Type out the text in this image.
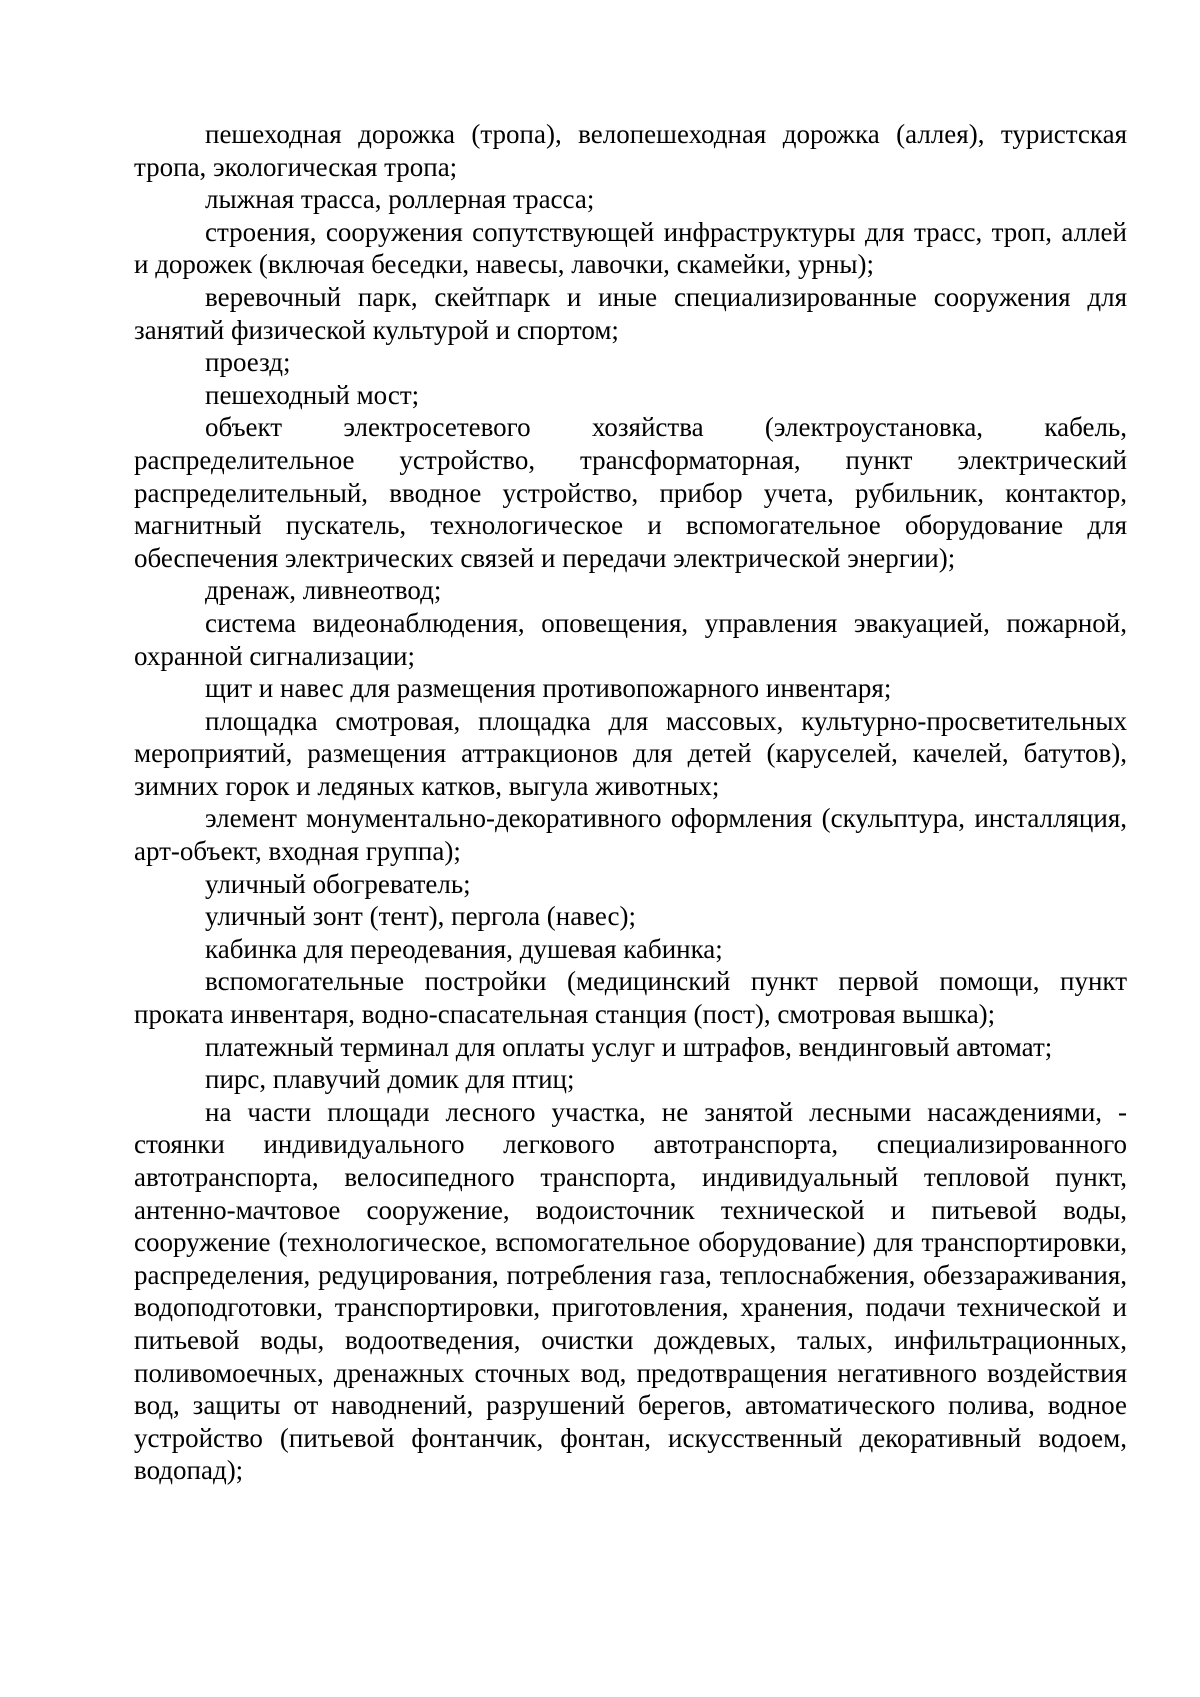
пешеходная дорожка (тропа), велопешеходная дорожка (аллея), туристская тропа, экологическая тропа;

лыжная трасса, роллерная трасса;

строения, сооружения сопутствующей инфраструктуры для трасс, троп, аллей и дорожек (включая беседки, навесы, лавочки, скамейки, урны);

веревочный парк, скейтпарк и иные специализированные сооружения для занятий физической культурой и спортом;

проезд;

пешеходный мост;

объект электросетевого хозяйства (электроустановка, кабель, распределительное устройство, трансформаторная, пункт электрический распределительный, вводное устройство, прибор учета, рубильник, контактор, магнитный пускатель, технологическое и вспомогательное оборудование для обеспечения электрических связей и передачи электрической энергии);

дренаж, ливнеотвод;

система видеонаблюдения, оповещения, управления эвакуацией, пожарной, охранной сигнализации;

щит и навес для размещения противопожарного инвентаря;

площадка смотровая, площадка для массовых, культурно-просветительных мероприятий, размещения аттракционов для детей (каруселей, качелей, батутов), зимних горок и ледяных катков, выгула животных;

элемент монументально-декоративного оформления (скульптура, инсталляция, арт-объект, входная группа);

уличный обогреватель;

уличный зонт (тент), пергола (навес);

кабинка для переодевания, душевая кабинка;

вспомогательные постройки (медицинский пункт первой помощи, пункт проката инвентаря, водно-спасательная станция (пост), смотровая вышка);

платежный терминал для оплаты услуг и штрафов, вендинговый автомат;

пирс, плавучий домик для птиц;

на части площади лесного участка, не занятой лесными насаждениями, - стоянки индивидуального легкового автотранспорта, специализированного автотранспорта, велосипедного транспорта, индивидуальный тепловой пункт, антенно-мачтовое сооружение, водоисточник технической и питьевой воды, сооружение (технологическое, вспомогательное оборудование) для транспортировки, распределения, редуцирования, потребления газа, теплоснабжения, обеззараживания, водоподготовки, транспортировки, приготовления, хранения, подачи технической и питьевой воды, водоотведения, очистки дождевых, талых, инфильтрационных, поливомоечных, дренажных сточных вод, предотвращения негативного воздействия вод, защиты от наводнений, разрушений берегов, автоматического полива, водное устройство (питьевой фонтанчик, фонтан, искусственный декоративный водоем, водопад);
